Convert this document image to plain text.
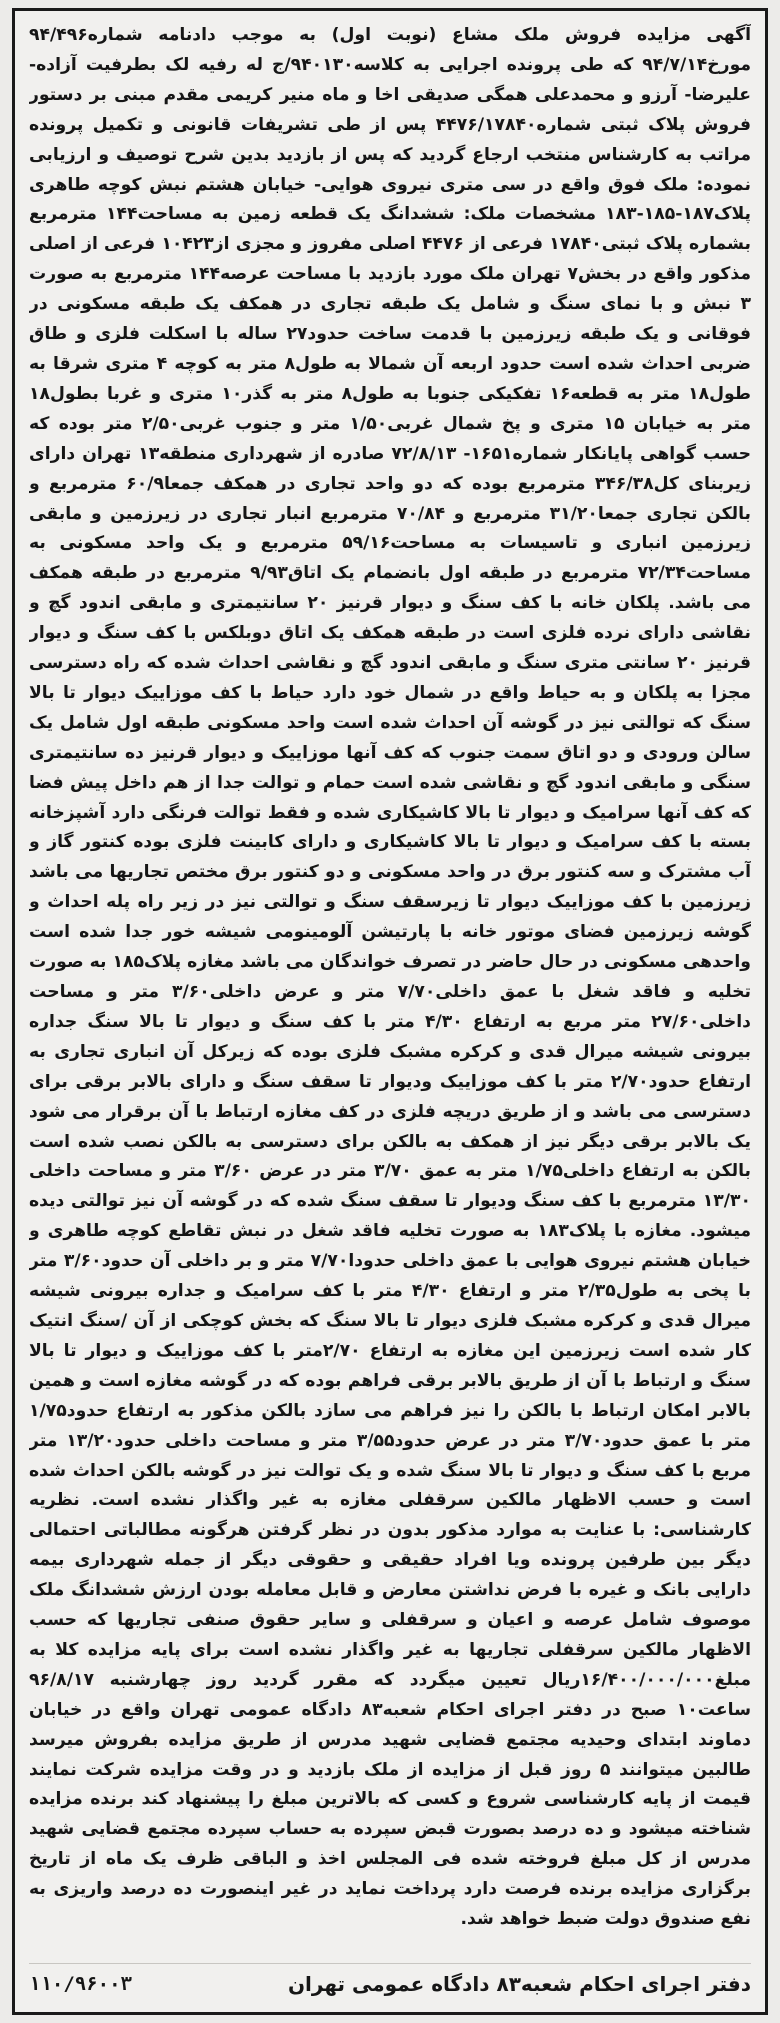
آگهی مزایده فروش ملک مشاع (نوبت اول) به موجب دادنامه شماره۹۴/۴۹۶ مورخ۹۴/۷/۱۴ که طی پرونده اجرایی به کلاسه۹۴۰۱۳۰/ج له رفیه لک بطرفیت آزاده- علیرضا- آرزو و محمدعلی همگی صدیقی اخا و ماه منیر کریمی مقدم مبنی بر دستور فروش پلاک ثبتی شماره۴۴۷۶/۱۷۸۴۰ پس از طی تشریفات قانونی و تکمیل پرونده مراتب به کارشناس منتخب ارجاع گردید که پس از بازدید بدین شرح توصیف و ارزیابی نموده: ملک فوق واقع در سی متری نیروی هوایی- خیابان هشتم نبش کوچه طاهری پلاک۱۸۷-۱۸۵-۱۸۳ مشخصات ملک: ششدانگ یک قطعه زمین به مساحت۱۴۴ مترمربع بشماره پلاک ثبتی۱۷۸۴۰ فرعی از ۴۴۷۶ اصلی مفروز و مجزی از۱۰۴۲۳ فرعی از اصلی مذکور واقع در بخش۷ تهران ملک مورد بازدید با مساحت عرصه۱۴۴ مترمربع به صورت ۳ نبش و با نمای سنگ و شامل یک طبقه تجاری در همکف یک طبقه مسکونی در فوقانی و یک طبقه زیرزمین با قدمت ساخت حدود۲۷ ساله با اسکلت فلزی و طاق ضربی احداث شده است حدود اربعه آن شمالا به طول۸ متر به کوچه ۴ متری شرقا به طول۱۸ متر به قطعه۱۶ تفکیکی جنوبا به طول۸ متر به گذر۱۰ متری و غربا بطول۱۸ متر به خیابان ۱۵ متری و پخ شمال غربی۱/۵۰ متر و جنوب غربی۲/۵۰ متر بوده که حسب گواهی پایانکار شماره۱۶۵۱- ۷۲/۸/۱۳ صادره از شهرداری منطقه۱۳ تهران دارای زیربنای کل۳۴۶/۳۸ مترمربع بوده که دو واحد تجاری در همکف جمعا۶۰/۹ مترمربع و بالکن تجاری جمعا۳۱/۲۰ مترمربع و ۷۰/۸۴ مترمربع انبار تجاری در زیرزمین و مابقی زیرزمین انباری و تاسیسات به مساحت۵۹/۱۶ مترمربع و یک واحد مسکونی به مساحت۷۲/۳۴ مترمربع در طبقه اول بانضمام یک اتاق۹/۹۳ مترمربع در طبقه همکف می باشد. پلکان خانه با کف سنگ و دیوار قرنیز ۲۰ سانتیمتری و مابقی اندود گچ و نقاشی دارای نرده فلزی است در طبقه همکف یک اتاق دوبلکس با کف سنگ و دیوار قرنیز ۲۰ سانتی متری سنگ و مابقی اندود گچ و نقاشی احداث شده که راه دسترسی مجزا به پلکان و به حیاط واقع در شمال خود دارد حیاط با کف موزاییک دیوار تا بالا سنگ که توالتی نیز در گوشه آن احداث شده است واحد مسکونی طبقه اول شامل یک سالن ورودی و دو اتاق سمت جنوب که کف آنها موزاییک و دیوار قرنیز ده سانتیمتری سنگی و مابقی اندود گچ و نقاشی شده است حمام و توالت جدا از هم داخل پیش فضا که کف آنها سرامیک و دیوار تا بالا کاشیکاری شده و فقط توالت فرنگی دارد آشپزخانه بسته با کف سرامیک و دیوار تا بالا کاشیکاری و دارای کابینت فلزی بوده کنتور گاز و آب مشترک و سه کنتور برق در واحد مسکونی و دو کنتور برق مختص تجاریها می باشد زیرزمین با کف موزاییک دیوار تا زیرسقف سنگ و توالتی نیز در زیر راه پله احداث و گوشه زیرزمین فضای موتور خانه با پارتیشن آلومینومی شیشه خور جدا شده است واحدهی مسکونی در حال حاضر در تصرف خواندگان می باشد مغازه پلاک۱۸۵ به صورت تخلیه و فاقد شغل با عمق داخلی۷/۷۰ متر و عرض داخلی۳/۶۰ متر و مساحت داخلی۲۷/۶۰ متر مربع به ارتفاع ۴/۳۰ متر با کف سنگ و دیوار تا بالا سنگ جداره بیرونی شیشه میرال قدی و کرکره مشبک فلزی بوده که زیرکل آن انباری تجاری به ارتفاع حدود۲/۷۰ متر با کف موزاییک ودیوار تا سقف سنگ و دارای بالابر برقی برای دسترسی می باشد و از طریق دریچه فلزی در کف مغازه ارتباط با آن برقرار می شود یک بالابر برقی دیگر نیز از همکف به بالکن برای دسترسی به بالکن نصب شده است بالکن به ارتفاع داخلی۱/۷۵ متر به عمق ۳/۷۰ متر در عرض ۳/۶۰ متر و مساحت داخلی ۱۳/۳۰ مترمربع با کف سنگ ودیوار تا سقف سنگ شده که در گوشه آن نیز توالتی دیده میشود. مغازه با پلاک۱۸۳ به صورت تخلیه فاقد شغل در نبش تقاطع کوچه طاهری و خیابان هشتم نیروی هوایی با عمق داخلی حدودا۷/۷۰ متر و بر داخلی آن حدود۳/۶۰ متر با پخی به طول۲/۳۵ متر و ارتفاع ۴/۳۰ متر با کف سرامیک و جداره بیرونی شیشه میرال قدی و کرکره مشبک فلزی دیوار تا بالا سنگ که بخش کوچکی از آن /سنگ انتیک کار شده است زیرزمین این مغازه به ارتفاع ۲/۷۰متر با کف موزاییک و دیوار تا بالا سنگ و ارتباط با آن از طریق بالابر برقی فراهم بوده که در گوشه مغازه است و همین بالابر امکان ارتباط با بالکن را نیز فراهم می سازد بالکن مذکور به ارتفاع حدود۱/۷۵ متر با عمق حدود۳/۷۰ متر در عرض حدود۳/۵۵ متر و مساحت داخلی حدود۱۳/۲۰ متر مربع با کف سنگ و دیوار تا بالا سنگ شده و یک توالت نیز در گوشه بالکن احداث شده است و حسب الاظهار مالکین سرقفلی مغازه به غیر واگذار نشده است. نظریه کارشناسی: با عنایت به موارد مذکور بدون در نظر گرفتن هرگونه مطالباتی احتمالی دیگر بین طرفین پرونده ویا افراد حقیقی و حقوقی دیگر از جمله شهرداری بیمه دارایی بانک و غیره با فرض نداشتن معارض و قابل معامله بودن ارزش ششدانگ ملک موصوف شامل عرصه و اعیان و سرقفلی و سایر حقوق صنفی تجاریها که حسب الاظهار مالکین سرقفلی تجاریها به غیر واگذار نشده است برای پایه مزایده کلا به مبلغ۱۶/۴۰۰/۰۰۰/۰۰۰ریال تعیین میگردد که مقرر گردید روز چهارشنبه ۹۶/۸/۱۷ ساعت۱۰ صبح در دفتر اجرای احکام شعبه۸۳ دادگاه عمومی تهران واقع در خیابان دماوند ابتدای وحیدیه مجتمع قضایی شهید مدرس از طریق مزایده بفروش میرسد طالبین میتوانند ۵ روز قبل از مزایده از ملک بازدید و در وقت مزایده شرکت نمایند قیمت از پایه کارشناسی شروع و کسی که بالاترین مبلغ را پیشنهاد کند برنده مزایده شناخته میشود و ده درصد بصورت قبض سپرده به حساب سپرده مجتمع قضایی شهید مدرس از کل مبلغ فروخته شده فی المجلس اخذ و الباقی ظرف یک ماه از تاریخ برگزاری مزایده برنده فرصت دارد پرداخت نماید در غیر اینصورت ده درصد واریزی به نفع صندوق دولت ضبط خواهد شد.

دفتر اجرای احکام شعبه۸۳ دادگاه عمومی تهران
۱۱۰/۹۶۰۰۳
